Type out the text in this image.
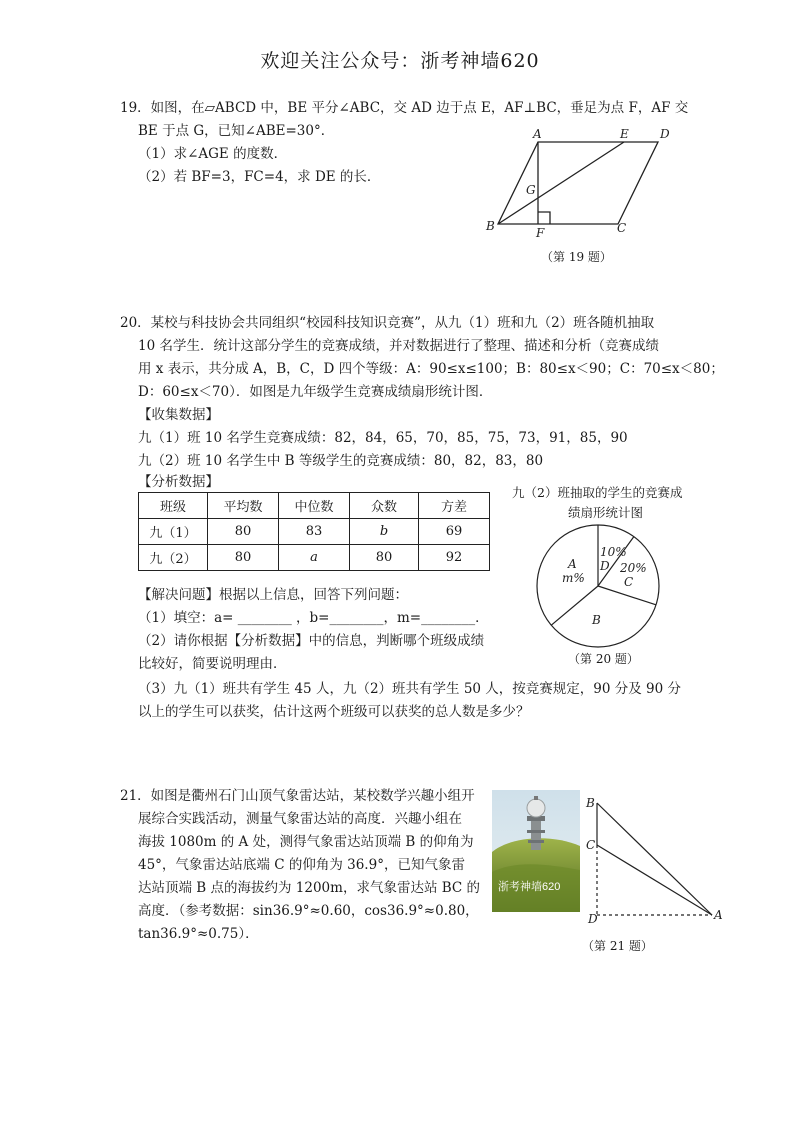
欢迎关注公众号：浙考神墙620
19．如图，在▱ABCD 中，BE 平分∠ABC，交 AD 边于点 E，AF⊥BC，垂足为点 F，AF 交
BE 于点 G，已知∠ABE=30°．
（1）求∠AGE 的度数．
（2）若 BF=3，FC=4，求 DE 的长．
A	E	D
G
B	F	C
（第 19 题）
20．某校与科技协会共同组织“校园科技知识竞赛”，从九（1）班和九（2）班各随机抽取
10 名学生．统计这部分学生的竞赛成绩，并对数据进行了整理、描述和分析（竞赛成绩
用 x 表示，共分成 A，B，C，D 四个等级：A：90≤x≤100；B：80≤x＜90；C：70≤x＜80；
D：60≤x＜70）．如图是九年级学生竞赛成绩扇形统计图．
【收集数据】
九（1）班 10 名学生竞赛成绩：82，84，65，70，85，75，73，91，85，90
九（2）班 10 名学生中 B 等级学生的竞赛成绩：80，82，83，80
【分析数据】
班级	平均数	中位数	众数	方差
九（1）	80	83	b	69
九（2）	80	a	80	92
九（2）班抽取的学生的竞赛成
绩扇形统计图
10%
D 20%
C
A
m%
B
（第 20 题）
【解决问题】根据以上信息，回答下列问题：
（1）填空：a= ________ ，b=________，m=________．
（2）请你根据【分析数据】中的信息，判断哪个班级成绩
比较好，简要说明理由．
（3）九（1）班共有学生 45 人，九（2）班共有学生 50 人，按竞赛规定，90 分及 90 分
以上的学生可以获奖，估计这两个班级可以获奖的总人数是多少？
21．如图是衢州石门山顶气象雷达站，某校数学兴趣小组开
展综合实践活动，测量气象雷达站的高度．兴趣小组在
海拔 1080m 的 A 处，测得气象雷达站顶端 B 的仰角为
45°，气象雷达站底端 C 的仰角为 36.9°，已知气象雷
达站顶端 B 点的海拔约为 1200m，求气象雷达站 BC 的
高度．（参考数据：sin36.9°≈0.60，cos36.9°≈0.80，
tan36.9°≈0.75）．
浙考神墙620
B
C
D	A
（第 21 题）
